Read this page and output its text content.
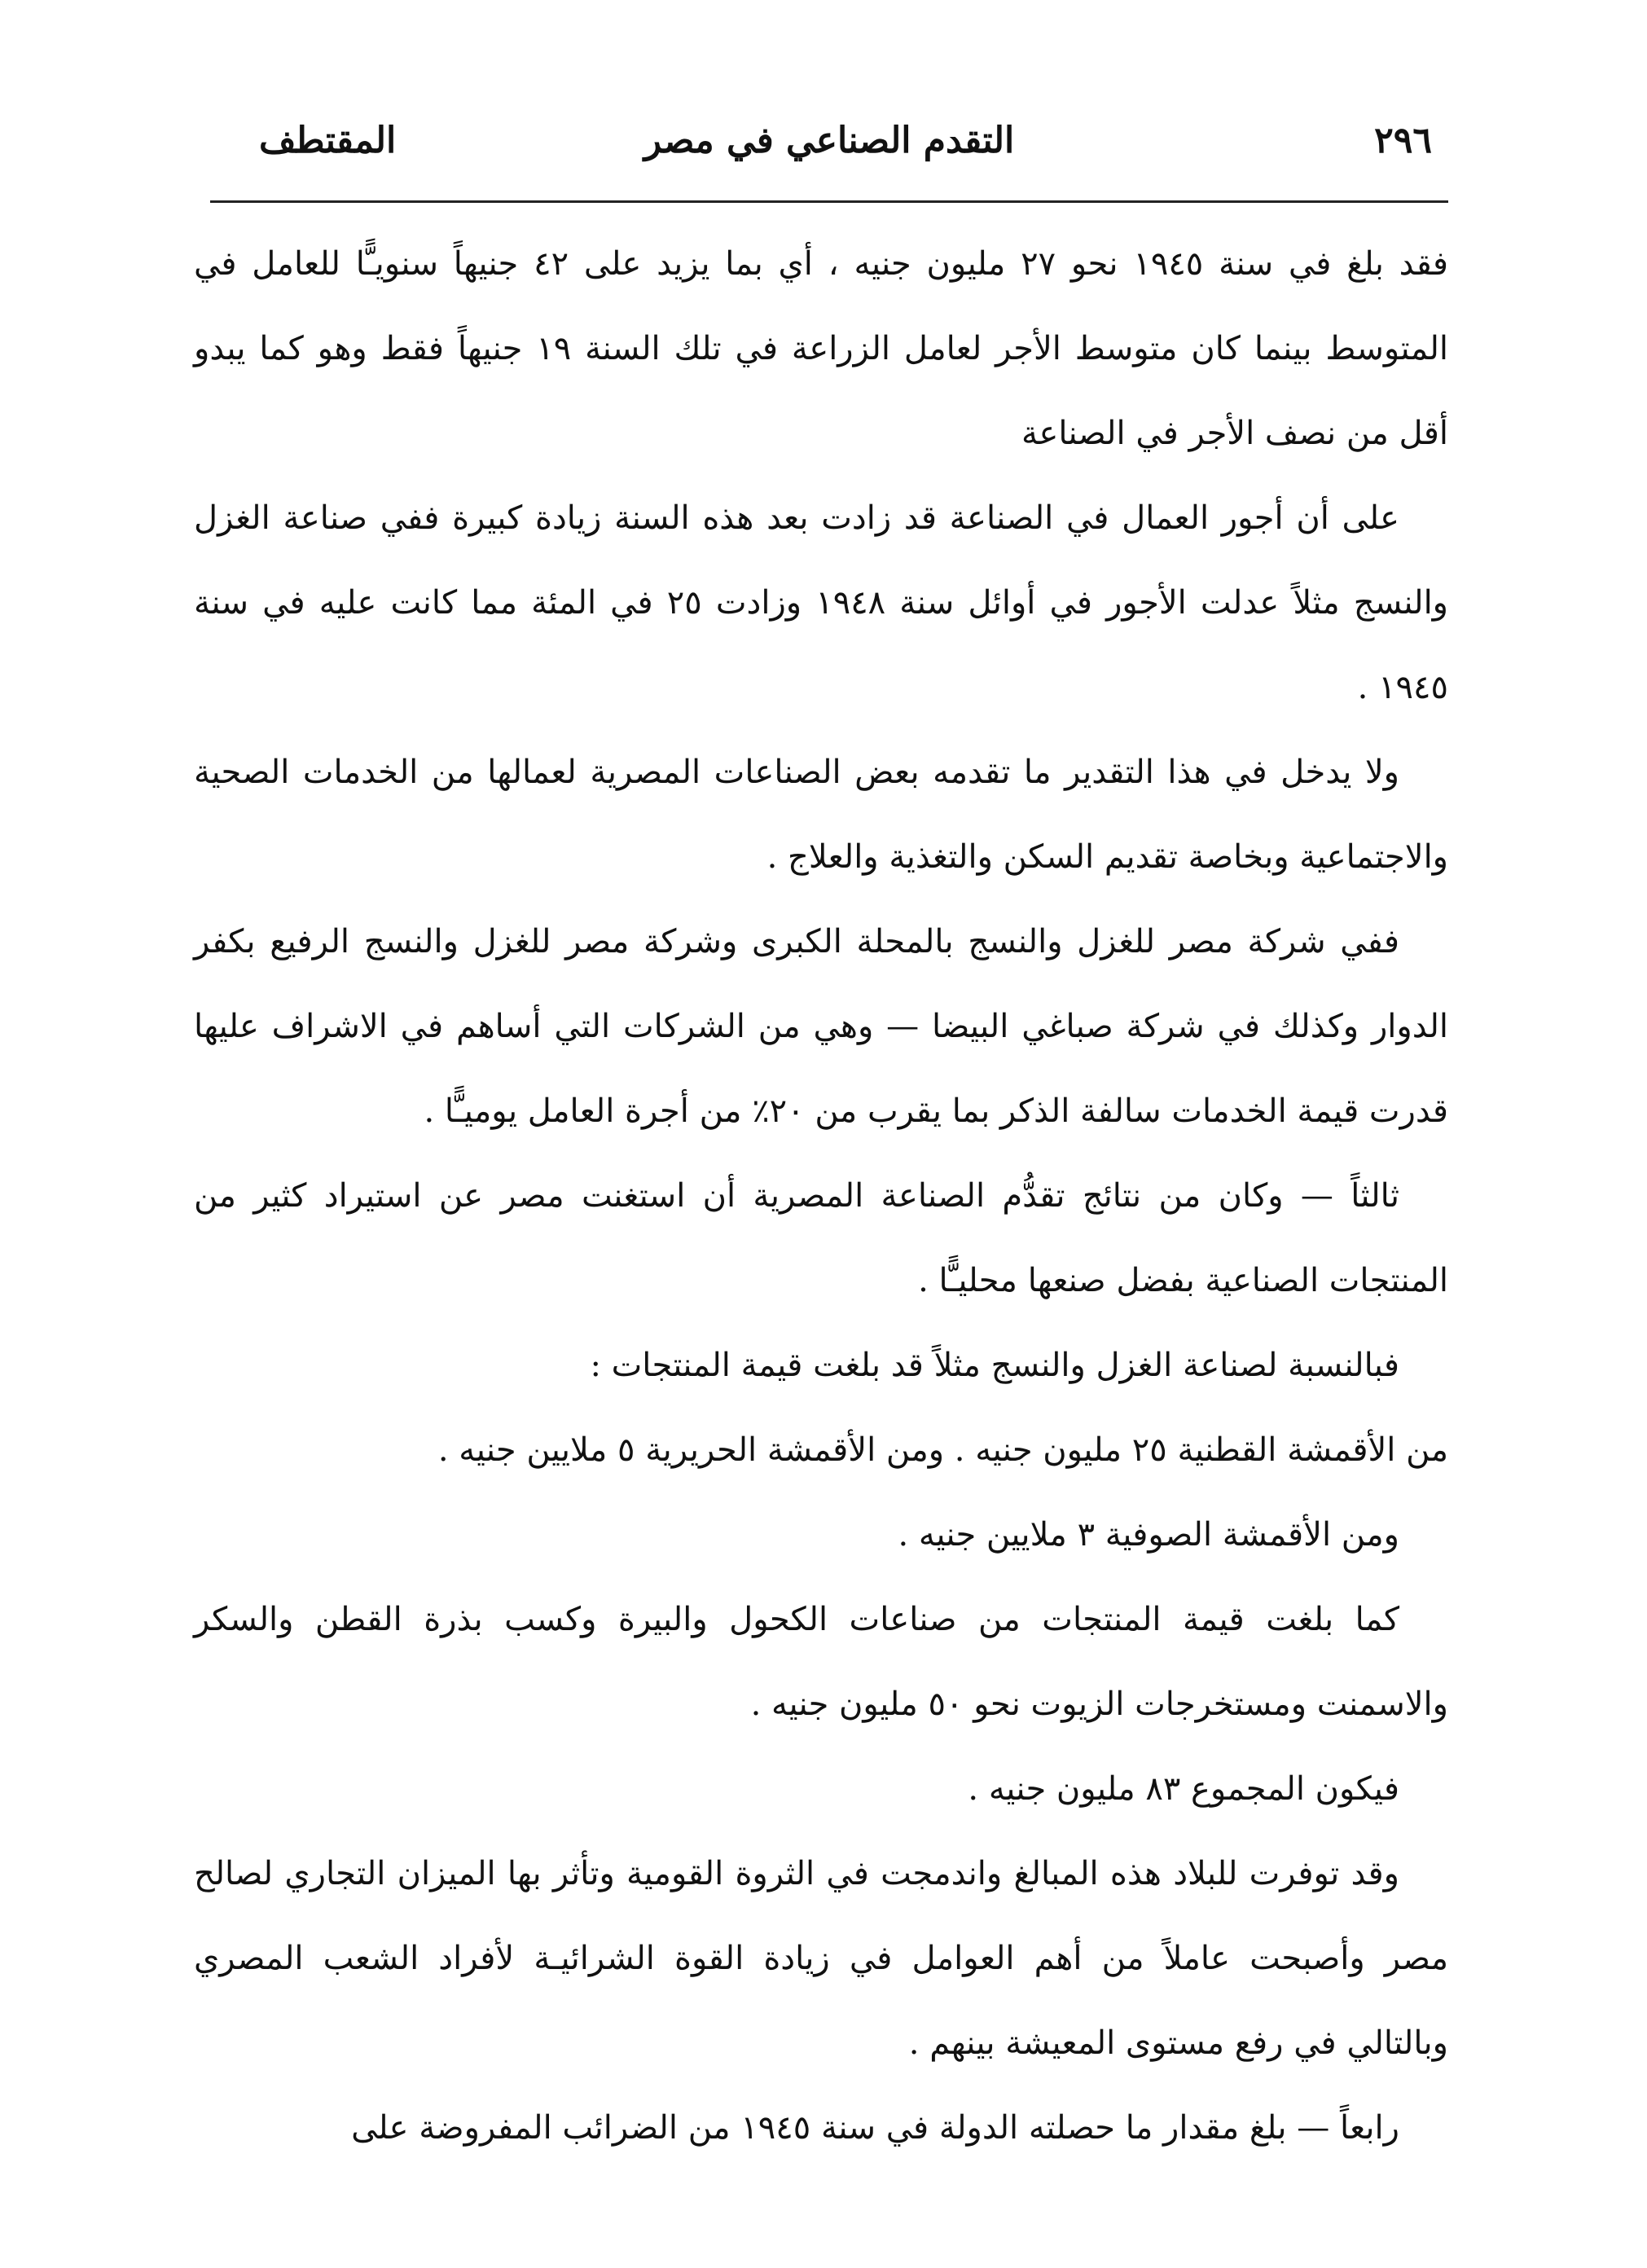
٢٩٦
التقدم الصناعي في مصر
المقتطف

فقد بلغ في سنة ١٩٤٥ نحو ٢٧ مليون جنيه ، أي بما يزيد على ٤٢ جنيهاً سنويـًّا للعامل في المتوسط بينما كان متوسط الأجر لعامل الزراعة في تلك السنة ١٩ جنيهاً فقط وهو كما يبدو أقل من نصف الأجر في الصناعة

على أن أجور العمال في الصناعة قد زادت بعد هذه السنة زيادة كبيرة ففي صناعة الغزل والنسج مثلاً عدلت الأجور في أوائل سنة ١٩٤٨ وزادت ٢٥ في المئة مما كانت عليه في سنة ١٩٤٥ .

ولا يدخل في هذا التقدير ما تقدمه بعض الصناعات المصرية لعمالها من الخدمات الصحية والاجتماعية وبخاصة تقديم السكن والتغذية والعلاج .

ففي شركة مصر للغزل والنسج بالمحلة الكبرى وشركة مصر للغزل والنسج الرفيع بكفر الدوار وكذلك في شركة صباغي البيضا — وهي من الشركات التي أساهم في الاشراف عليها قدرت قيمة الخدمات سالفة الذكر بما يقرب من ٢٠٪ من أجرة العامل يوميـًّا .

ثالثاً — وكان من نتائج تقدُّم الصناعة المصرية أن استغنت مصر عن استيراد كثير من المنتجات الصناعية بفضل صنعها محليـًّا .

فبالنسبة لصناعة الغزل والنسج مثلاً قد بلغت قيمة المنتجات :

من الأقمشة القطنية ٢٥ مليون جنيه . ومن الأقمشة الحريرية ٥ ملايين جنيه .

ومن الأقمشة الصوفية ٣ ملايين جنيه .

كما بلغت قيمة المنتجات من صناعات الكحول والبيرة وكسب بذرة القطن والسكر والاسمنت ومستخرجات الزيوت نحو ٥٠ مليون جنيه .

فيكون المجموع ٨٣ مليون جنيه .

وقد توفرت للبلاد هذه المبالغ واندمجت في الثروة القومية وتأثر بها الميزان التجاري لصالح مصر وأصبحت عاملاً من أهم العوامل في زيادة القوة الشرائيـة لأفراد الشعب المصري وبالتالي في رفع مستوى المعيشة بينهم .

رابعاً — بلغ مقدار ما حصلته الدولة في سنة ١٩٤٥ من الضرائب المفروضة على
